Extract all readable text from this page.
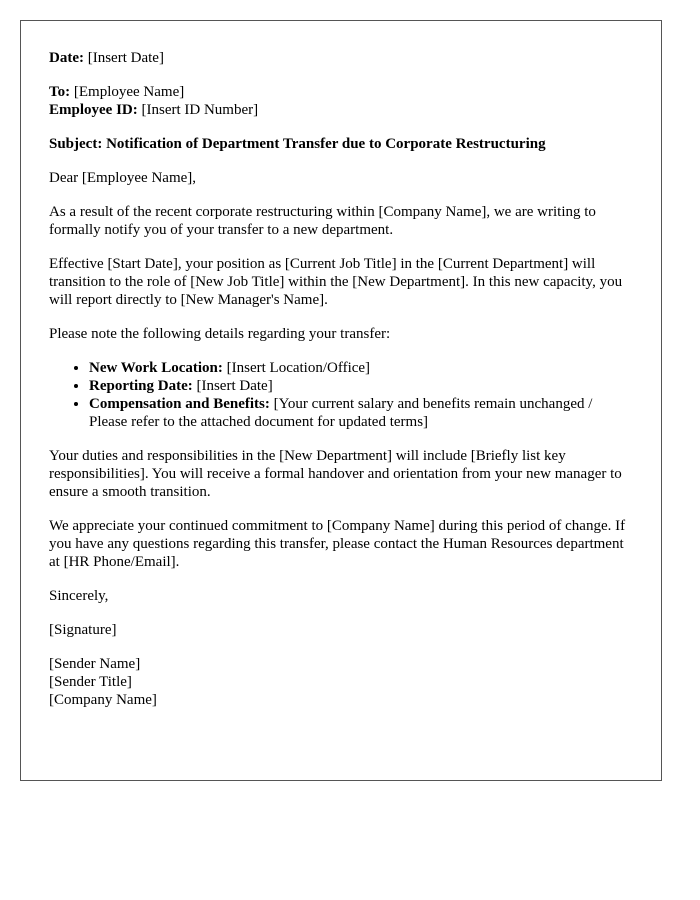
Date: [Insert Date]

To: [Employee Name]
Employee ID: [Insert ID Number]

Subject: Notification of Department Transfer due to Corporate Restructuring

Dear [Employee Name],

As a result of the recent corporate restructuring within [Company Name], we are writing to formally notify you of your transfer to a new department.

Effective [Start Date], your position as [Current Job Title] in the [Current Department] will transition to the role of [New Job Title] within the [New Department]. In this new capacity, you will report directly to [New Manager's Name].

Please note the following details regarding your transfer:

• New Work Location: [Insert Location/Office]
• Reporting Date: [Insert Date]
• Compensation and Benefits: [Your current salary and benefits remain unchanged / Please refer to the attached document for updated terms]

Your duties and responsibilities in the [New Department] will include [Briefly list key responsibilities]. You will receive a formal handover and orientation from your new manager to ensure a smooth transition.

We appreciate your continued commitment to [Company Name] during this period of change. If you have any questions regarding this transfer, please contact the Human Resources department at [HR Phone/Email].

Sincerely,

[Signature]

[Sender Name]
[Sender Title]
[Company Name]
